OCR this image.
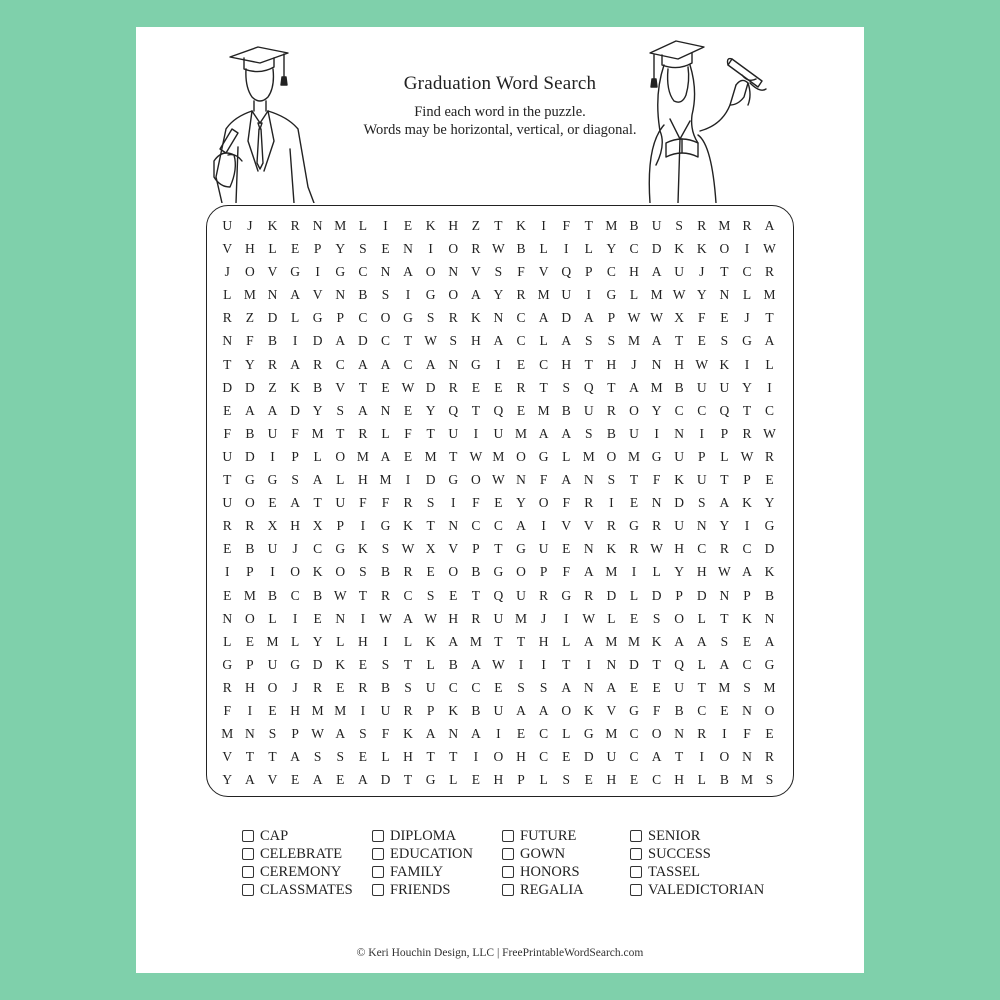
Graduation Word Search
Find each word in the puzzle.
Words may be horizontal, vertical, or diagonal.
U	J	K R N M L	I	E	K H	Z	T	K	I	F	T M B U	S	R M R A
V H	L	E	P	Y	S	E	N	I	O R W B	L	I	L	Y C D K K O	I	W
J	O V G	I	G C N A O N V	S	F	V Q	P	C H A U	J	T	C	R
L M N A V N B	S	I	G O A Y R M U	I	G	L M W Y N	L M
R	Z	D	L	G	P	C O G	S	R K N C A D A	P W W X	F	E	J	T
N	F	B	I	D A D C	T W S	H A C	L	A	S	S M A	T	E	S	G A
T	Y R A R	C A A C A N G	I	E	C H	T	H	J	N H W K	I	L
D D	Z	K B V	T	E W D R	E	E	R	T	S	Q	T	A M B U U Y	I
E	A A D Y	S	A N	E	Y Q	T	Q	E M B U R O Y C	C Q	T	C
F	B U	F M T	R	L	F	T	U	I	U M A A	S	B U	I	N	I	P	R W
U D	I	P	L	O M A	E M T W M O G	L M O M G U	P	L W R
T	G G	S	A	L	H M	I	D G O W N	F	A N	S	T	F	K U	T	P	E
U O	E	A	T	U	F	F	R	S	I	F	E	Y O	F	R	I	E	N D	S	A K Y
R	R X H X	P	I	G K	T	N C	C A	I	V V R G R U N Y	I	G
E	B U	J	C G K	S W X V	P	T	G U	E	N K R W H C	R	C D
I	P	I	O K O	S	B	R	E	O B G O	P	F	A M	I	L	Y H W A K
E M B	C	B W T	R	C	S	E	T	Q U R G R D	L	D	P	D N	P	B
N O	L	I	E	N	I	W A W H R U M	J	I	W L	E	S	O	L	T	K N
L	E M L	Y	L	H	I	L	K A M T	T	H	L	A M M K A A	S	E	A
G	P	U G D K	E	S	T	L	B A W	I	I	T	I	N D	T	Q	L	A C G
R H O	J	R	E	R	B	S	U C	C	E	S	S	A N A	E	E	U	T M S M
F	I	E	H M M	I	U R	P	K B U A A O K V G	F	B	C	E	N O
M N	S	P W A	S	F	K A N A	I	E	C	L	G M C O N R	I	F	E
V	T	T	A	S	S	E	L	H	T	T	I	O H C	E	D U C A	T	I	O N R
Y A V	E	A	E	A D	T	G	L	E	H	P	L	S	E	H	E	C H	L	B M S
CAP
CELEBRATE
CEREMONY
CLASSMATES
DIPLOMA
EDUCATION
FAMILY
FRIENDS
FUTURE
GOWN
HONORS
REGALIA
SENIOR
SUCCESS
TASSEL
VALEDICTORIAN
© Keri Houchin Design, LLC | FreePrintableWordSearch.com
